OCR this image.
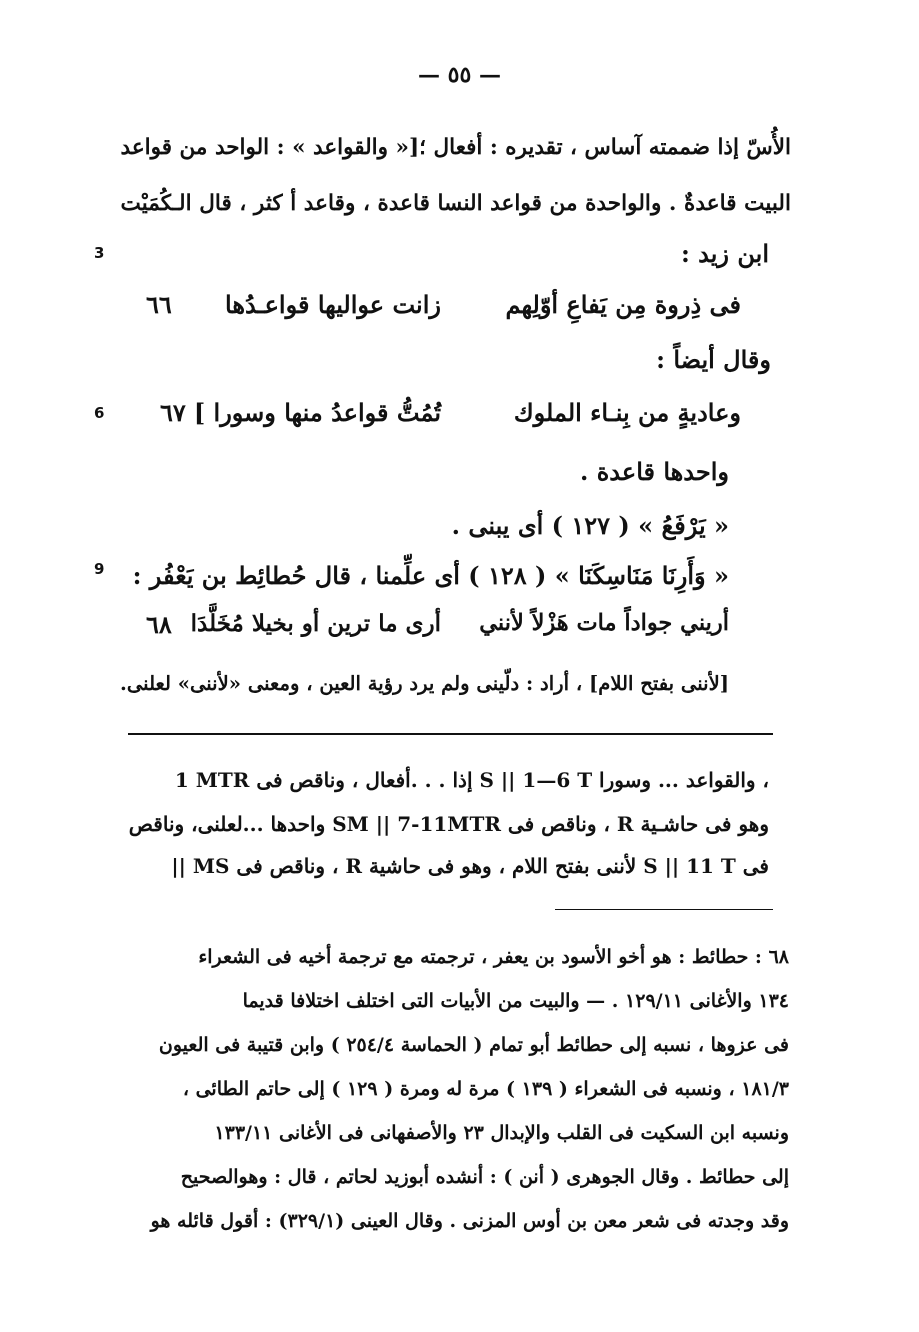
— ٥٥ —
الأُسّ إذا ضممته آساس ، تقديره : أفعال ؛[« والقواعد » : الواحد من قواعد
البيت قاعدةٌ . والواحدة من قواعد النسا قاعدة ، وقاعد أ كثر ، قال الـكُمَيْت
ابن زيد :
3
فى ذِروة مِن يَفاعِ أوّلِهم
زانت عواليها قواعـدُها
٦٦
وقال أيضاً :
وعاديةٍ من بِنـاء الملوك
تُمُتُّ قواعدُ منها وسورا ]
٦٧
6
واحدها قاعدة .
« يَرْفَعُ » ( ١٢٧ ) أى يبنى .
« وَأَرِنَا مَنَاسِكَنَا » ( ١٢٨ ) أى علِّمنا ، قال حُطائِط بن يَعْفُر :
9
أريني جواداً مات هَزْلاً لأنني
أرى ما ترين أو بخيلا مُخَلَّدَا
٦٨
[لأننى بفتح اللام] ، أراد : دلّينى ولم يرد رؤية العين ، ومعنى «لأننى» لعلنى.
1 MTR إذا . . .أفعال ، وناقص فى S || 1—6 T والقواعد ... وسورا ،
وهو فى حاشـية R ، وناقص فى SM || 7-11MTR واحدها ...لعلنى، وناقص
فى S || 11 T لأننى بفتح اللام ، وهو فى حاشية R ، وناقص فى MS ||
٦٨ : حطائط : هو أخو الأسود بن يعفر ، ترجمته مع ترجمة أخيه فى الشعراء
١٣٤ والأغانى ١٢٩/١١ . — والبيت من الأبيات التى اختلف اختلافا قديما
فى عزوها ، نسبه إلى حطائط أبو تمام ( الحماسة ٢٥٤/٤ ) وابن قتيبة فى العيون
١٨١/٣ ، ونسبه فى الشعراء ( ١٣٩ ) مرة له ومرة ( ١٢٩ ) إلى حاتم الطائى ،
ونسبه ابن السكيت فى القلب والإبدال ٢٣ والأصفهانى فى الأغانى ١٣٣/١١
إلى حطائط . وقال الجوهرى ( أنن ) : أنشده أبوزيد لحاتم ، قال : وهوالصحيح
وقد وجدته فى شعر معن بن أوس المزنى . وقال العينى (٣٢٩/١) : أقول قائله هو
